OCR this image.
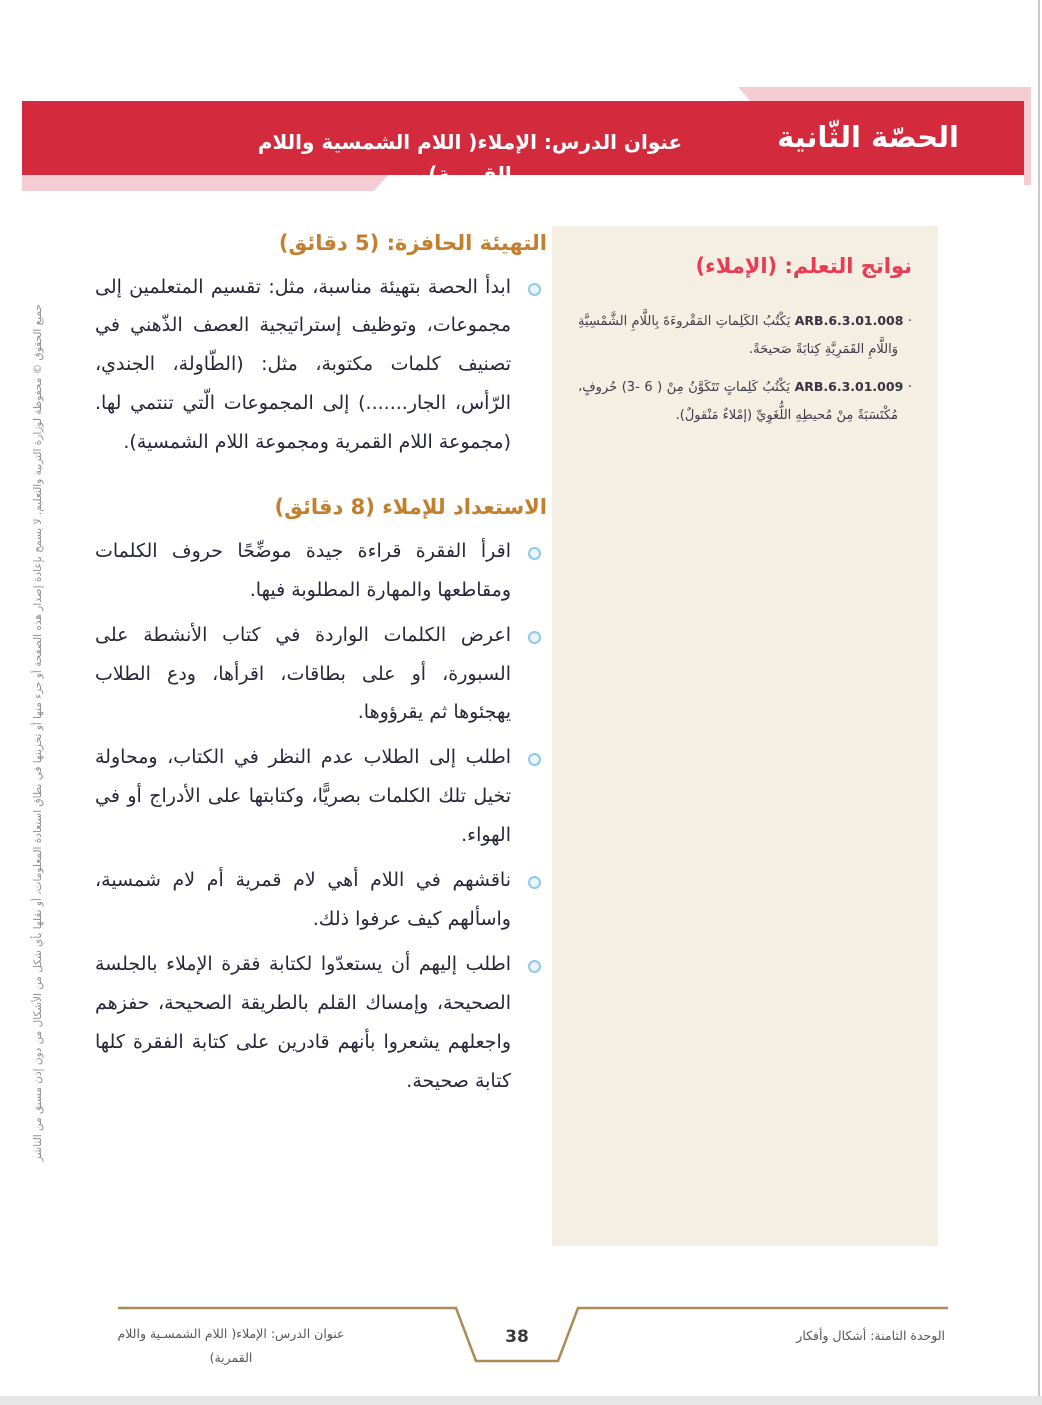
الحصّة الثّانية عشرة
عنوان الدرس: الإملاء( اللام الشمسية واللام القمرية)
جميع الحقوق © محفوظة لوزارة التربية والتعليم. لا يسمح بإعادة إصدار هذه الصفحة أو جزء منها أو تخزينها في نطاق استعادة المعلومات، أو نقلها بأي شكل من الأشكال من دون إذن مسبق من الناشر
التهيئة الحافزة: (5 دقائق)
ابدأ الحصة بتهيئة مناسبة، مثل: تقسيم المتعلمين إلى مجموعات، وتوظيف إستراتيجية العصف الذّهني في تصنيف كلمات مكتوبة، مثل: (الطّاولة، الجندي، الرّأس، الجار.......) إلى المجموعات الّتي تنتمي لها.(مجموعة اللام القمرية ومجموعة اللام الشمسية).
الاستعداد للإملاء (8 دقائق)
اقرأ الفقرة قراءة جيدة موضِّحًا حروف الكلمات ومقاطعها والمهارة المطلوبة فيها.
اعرض الكلمات الواردة في كتاب الأنشطة على السبورة، أو على بطاقات، اقرأها، ودع الطلاب يهجئوها ثم يقرؤوها.
اطلب إلى الطلاب عدم النظر في الكتاب، ومحاولة تخيل تلك الكلمات بصريًّا، وكتابتها على الأدراج أو في الهواء.
ناقشهم في اللام أهي لام قمرية أم لام شمسية، واسألهم كيف عرفوا ذلك.
اطلب إليهم أن يستعدّوا لكتابة فقرة الإملاء بالجلسة الصحيحة، وإمساك القلم بالطريقة الصحيحة، حفزهم واجعلهم يشعروا بأنهم قادرين على كتابة الفقرة كلها كتابة صحيحة.
نواتج التعلم: (الإملاء)
· ARB.6.3.01.008 يَكْتُبُ الكَلِماتِ المَقْروءَةَ بِاللَّامِ الشَّمْسِيَّةِ وَاللَّامِ القَمَرِيَّةِ كِتابَةً صَحيحَةً.
· ARB.6.3.01.009 يَكْتُبُ كَلِماتٍ تَتَكَوَّنُ مِنْ ( 6 -3) حُروفٍ، مُكْتَسَبَةً مِنْ مُحيطِهِ اللُّغَوِيِّ (إمْلاءٌ مَنْقولٌ).
38	الوحدة الثامنة: أشكال وأفكار
عنوان الدرس: الإملاء( اللام الشمسـية واللام القمرية)
